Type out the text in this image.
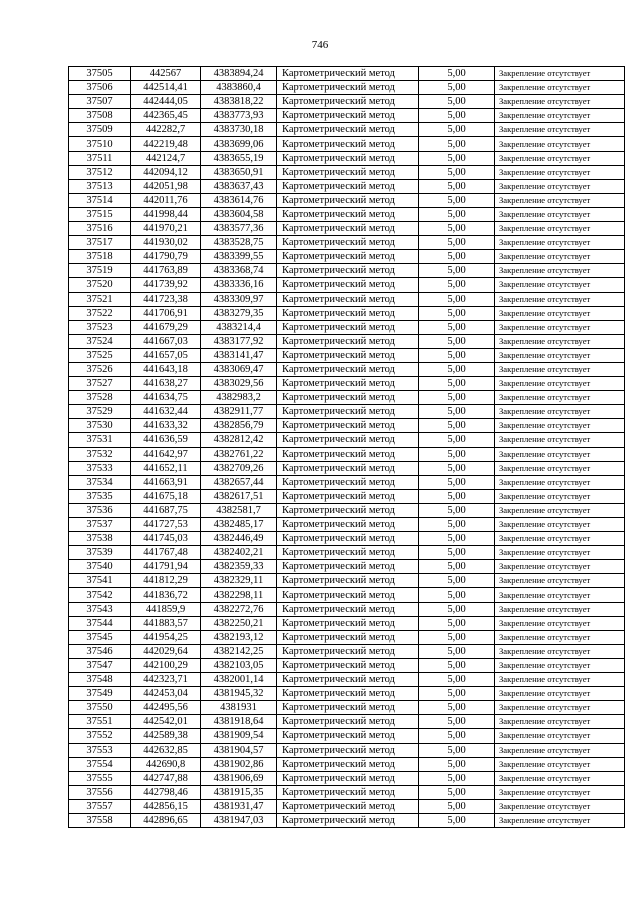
746
37505	442567	4383894,24	Картометрический метод	5,00	Закрепление отсутствует
37506	442514,41	4383860,4	Картометрический метод	5,00	Закрепление отсутствует
37507	442444,05	4383818,22	Картометрический метод	5,00	Закрепление отсутствует
37508	442365,45	4383773,93	Картометрический метод	5,00	Закрепление отсутствует
37509	442282,7	4383730,18	Картометрический метод	5,00	Закрепление отсутствует
37510	442219,48	4383699,06	Картометрический метод	5,00	Закрепление отсутствует
37511	442124,7	4383655,19	Картометрический метод	5,00	Закрепление отсутствует
37512	442094,12	4383650,91	Картометрический метод	5,00	Закрепление отсутствует
37513	442051,98	4383637,43	Картометрический метод	5,00	Закрепление отсутствует
37514	442011,76	4383614,76	Картометрический метод	5,00	Закрепление отсутствует
37515	441998,44	4383604,58	Картометрический метод	5,00	Закрепление отсутствует
37516	441970,21	4383577,36	Картометрический метод	5,00	Закрепление отсутствует
37517	441930,02	4383528,75	Картометрический метод	5,00	Закрепление отсутствует
37518	441790,79	4383399,55	Картометрический метод	5,00	Закрепление отсутствует
37519	441763,89	4383368,74	Картометрический метод	5,00	Закрепление отсутствует
37520	441739,92	4383336,16	Картометрический метод	5,00	Закрепление отсутствует
37521	441723,38	4383309,97	Картометрический метод	5,00	Закрепление отсутствует
37522	441706,91	4383279,35	Картометрический метод	5,00	Закрепление отсутствует
37523	441679,29	4383214,4	Картометрический метод	5,00	Закрепление отсутствует
37524	441667,03	4383177,92	Картометрический метод	5,00	Закрепление отсутствует
37525	441657,05	4383141,47	Картометрический метод	5,00	Закрепление отсутствует
37526	441643,18	4383069,47	Картометрический метод	5,00	Закрепление отсутствует
37527	441638,27	4383029,56	Картометрический метод	5,00	Закрепление отсутствует
37528	441634,75	4382983,2	Картометрический метод	5,00	Закрепление отсутствует
37529	441632,44	4382911,77	Картометрический метод	5,00	Закрепление отсутствует
37530	441633,32	4382856,79	Картометрический метод	5,00	Закрепление отсутствует
37531	441636,59	4382812,42	Картометрический метод	5,00	Закрепление отсутствует
37532	441642,97	4382761,22	Картометрический метод	5,00	Закрепление отсутствует
37533	441652,11	4382709,26	Картометрический метод	5,00	Закрепление отсутствует
37534	441663,91	4382657,44	Картометрический метод	5,00	Закрепление отсутствует
37535	441675,18	4382617,51	Картометрический метод	5,00	Закрепление отсутствует
37536	441687,75	4382581,7	Картометрический метод	5,00	Закрепление отсутствует
37537	441727,53	4382485,17	Картометрический метод	5,00	Закрепление отсутствует
37538	441745,03	4382446,49	Картометрический метод	5,00	Закрепление отсутствует
37539	441767,48	4382402,21	Картометрический метод	5,00	Закрепление отсутствует
37540	441791,94	4382359,33	Картометрический метод	5,00	Закрепление отсутствует
37541	441812,29	4382329,11	Картометрический метод	5,00	Закрепление отсутствует
37542	441836,72	4382298,11	Картометрический метод	5,00	Закрепление отсутствует
37543	441859,9	4382272,76	Картометрический метод	5,00	Закрепление отсутствует
37544	441883,57	4382250,21	Картометрический метод	5,00	Закрепление отсутствует
37545	441954,25	4382193,12	Картометрический метод	5,00	Закрепление отсутствует
37546	442029,64	4382142,25	Картометрический метод	5,00	Закрепление отсутствует
37547	442100,29	4382103,05	Картометрический метод	5,00	Закрепление отсутствует
37548	442323,71	4382001,14	Картометрический метод	5,00	Закрепление отсутствует
37549	442453,04	4381945,32	Картометрический метод	5,00	Закрепление отсутствует
37550	442495,56	4381931	Картометрический метод	5,00	Закрепление отсутствует
37551	442542,01	4381918,64	Картометрический метод	5,00	Закрепление отсутствует
37552	442589,38	4381909,54	Картометрический метод	5,00	Закрепление отсутствует
37553	442632,85	4381904,57	Картометрический метод	5,00	Закрепление отсутствует
37554	442690,8	4381902,86	Картометрический метод	5,00	Закрепление отсутствует
37555	442747,88	4381906,69	Картометрический метод	5,00	Закрепление отсутствует
37556	442798,46	4381915,35	Картометрический метод	5,00	Закрепление отсутствует
37557	442856,15	4381931,47	Картометрический метод	5,00	Закрепление отсутствует
37558	442896,65	4381947,03	Картометрический метод	5,00	Закрепление отсутствует
